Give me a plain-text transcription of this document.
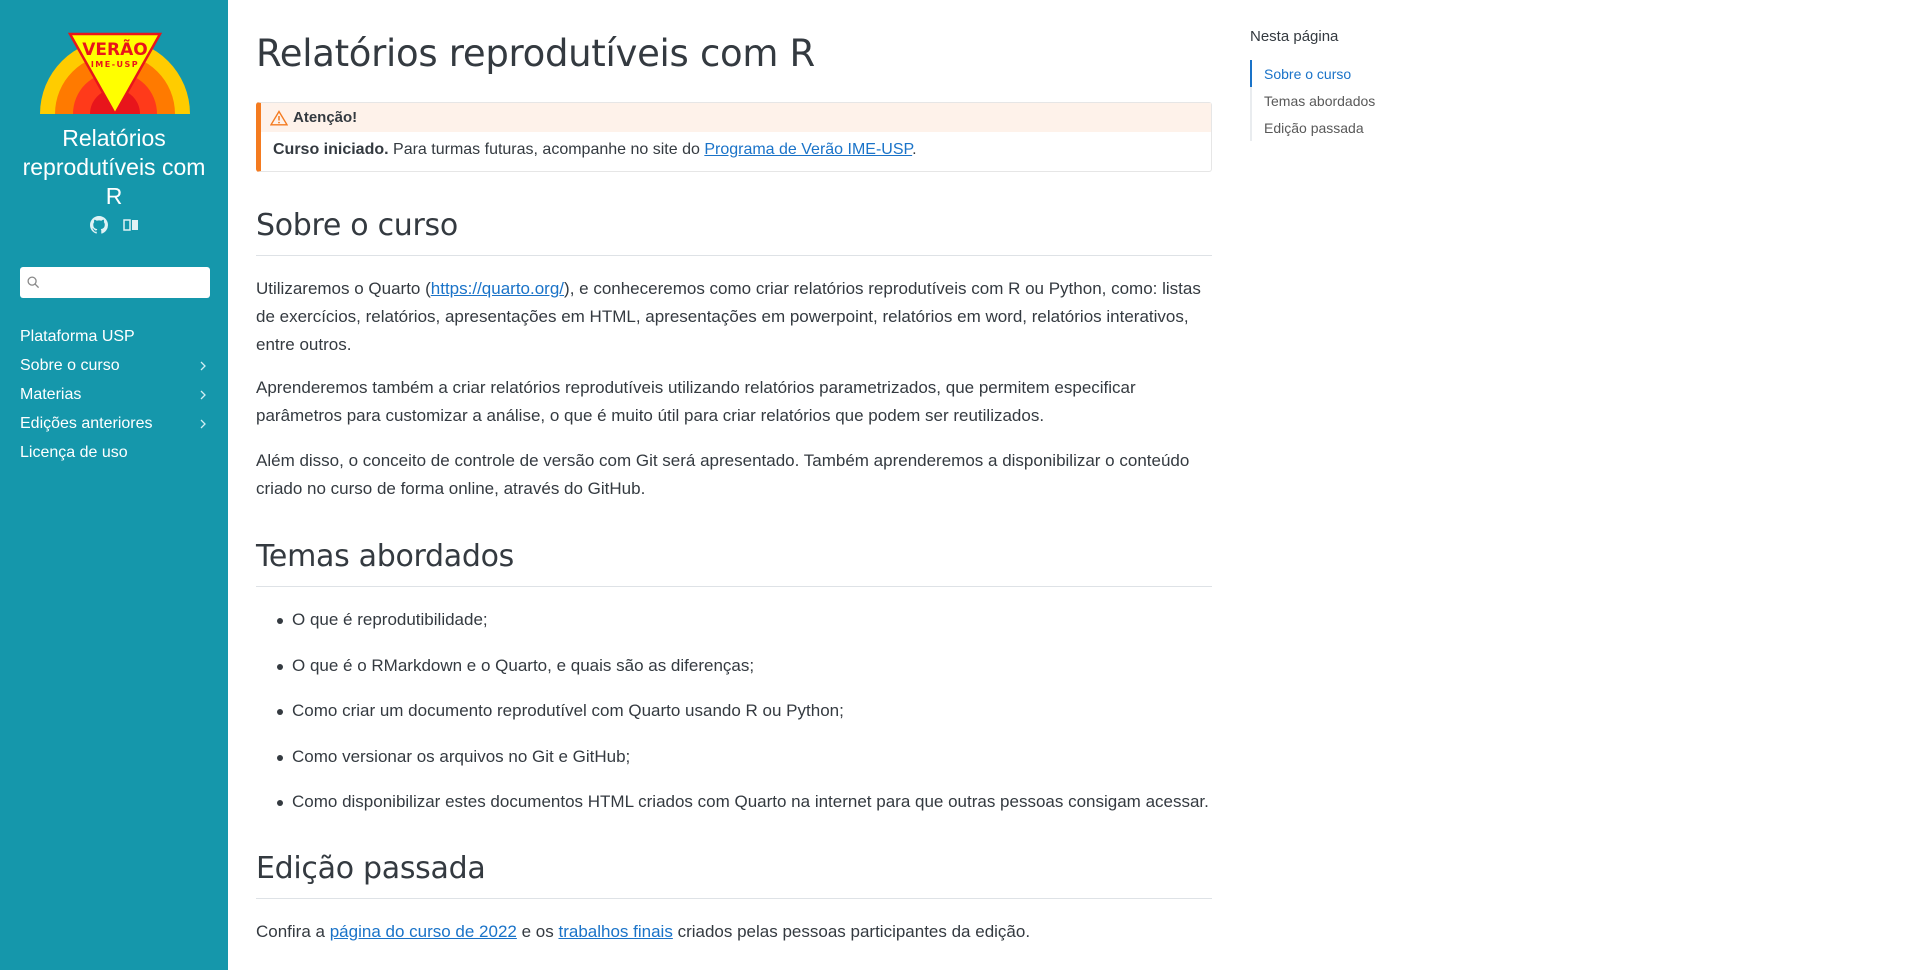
VERÃO
IME-USP
Relatórios reprodutíveis com R
Plataforma USP
Sobre o curso
Materias
Edições anteriores
Licença de uso
Relatórios reprodutíveis com R
Atenção!
Curso iniciado. Para turmas futuras, acompanhe no site do Programa de Verão IME-USP.
Sobre o curso

Utilizaremos o Quarto (https://quarto.org/), e conheceremos como criar relatórios reprodutíveis com R ou Python, como: listas de exercícios, relatórios, apresentações em HTML, apresentações em powerpoint, relatórios em word, relatórios interativos, entre outros.

Aprenderemos também a criar relatórios reprodutíveis utilizando relatórios parametrizados, que permitem especificar parâmetros para customizar a análise, o que é muito útil para criar relatórios que podem ser reutilizados.

Além disso, o conceito de controle de versão com Git será apresentado. Também aprenderemos a disponibilizar o conteúdo criado no curso de forma online, através do GitHub.

Temas abordados
O que é reprodutibilidade;
O que é o RMarkdown e o Quarto, e quais são as diferenças;
Como criar um documento reprodutível com Quarto usando R ou Python;
Como versionar os arquivos no Git e GitHub;
Como disponibilizar estes documentos HTML criados com Quarto na internet para que outras pessoas consigam acessar.
Edição passada

Confira a página do curso de 2022 e os trabalhos finais criados pelas pessoas participantes da edição.

Nesta página
Sobre o curso
Temas abordados
Edição passada
